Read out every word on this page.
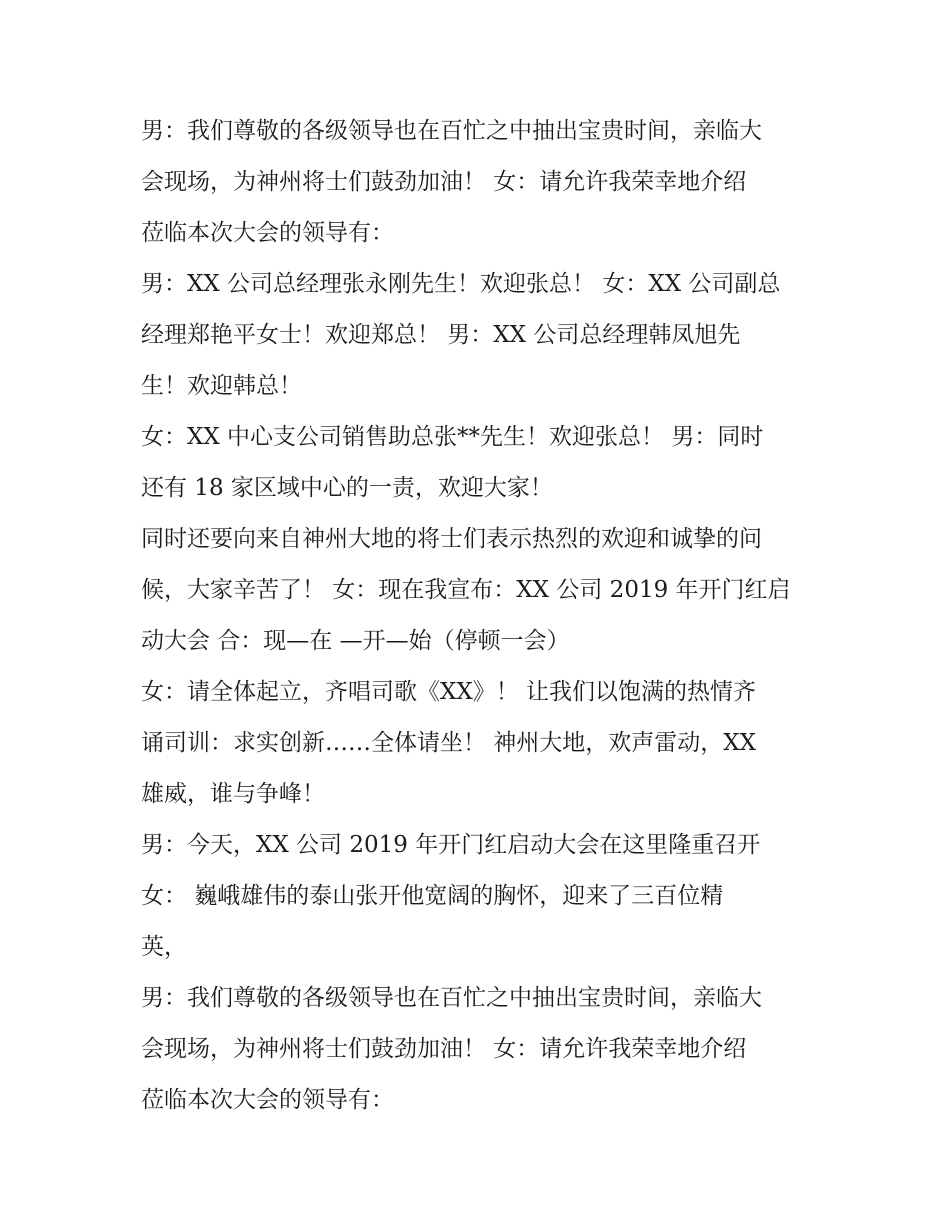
男：我们尊敬的各级领导也在百忙之中抽出宝贵时间，亲临大
会现场，为神州将士们鼓劲加油！ 女：请允许我荣幸地介绍
莅临本次大会的领导有：
男：XX 公司总经理张永刚先生！欢迎张总！ 女：XX 公司副总
经理郑艳平女士！欢迎郑总！ 男：XX 公司总经理韩凤旭先
生！欢迎韩总！
女：XX 中心支公司销售助总张**先生！欢迎张总！ 男：同时
还有 18 家区域中心的一责，欢迎大家！
同时还要向来自神州大地的将士们表示热烈的欢迎和诚挚的问
候，大家辛苦了！ 女：现在我宣布：XX 公司 2019 年开门红启
动大会 合：现—在 —开—始（停顿一会）
女：请全体起立，齐唱司歌《XX》！ 让我们以饱满的热情齐
诵司训：求实创新……全体请坐！ 神州大地，欢声雷动，XX
雄威，谁与争峰！
男：今天，XX 公司 2019 年开门红启动大会在这里隆重召开
女： 巍峨雄伟的泰山张开他宽阔的胸怀，迎来了三百位精
英，
男：我们尊敬的各级领导也在百忙之中抽出宝贵时间，亲临大
会现场，为神州将士们鼓劲加油！ 女：请允许我荣幸地介绍
莅临本次大会的领导有：
